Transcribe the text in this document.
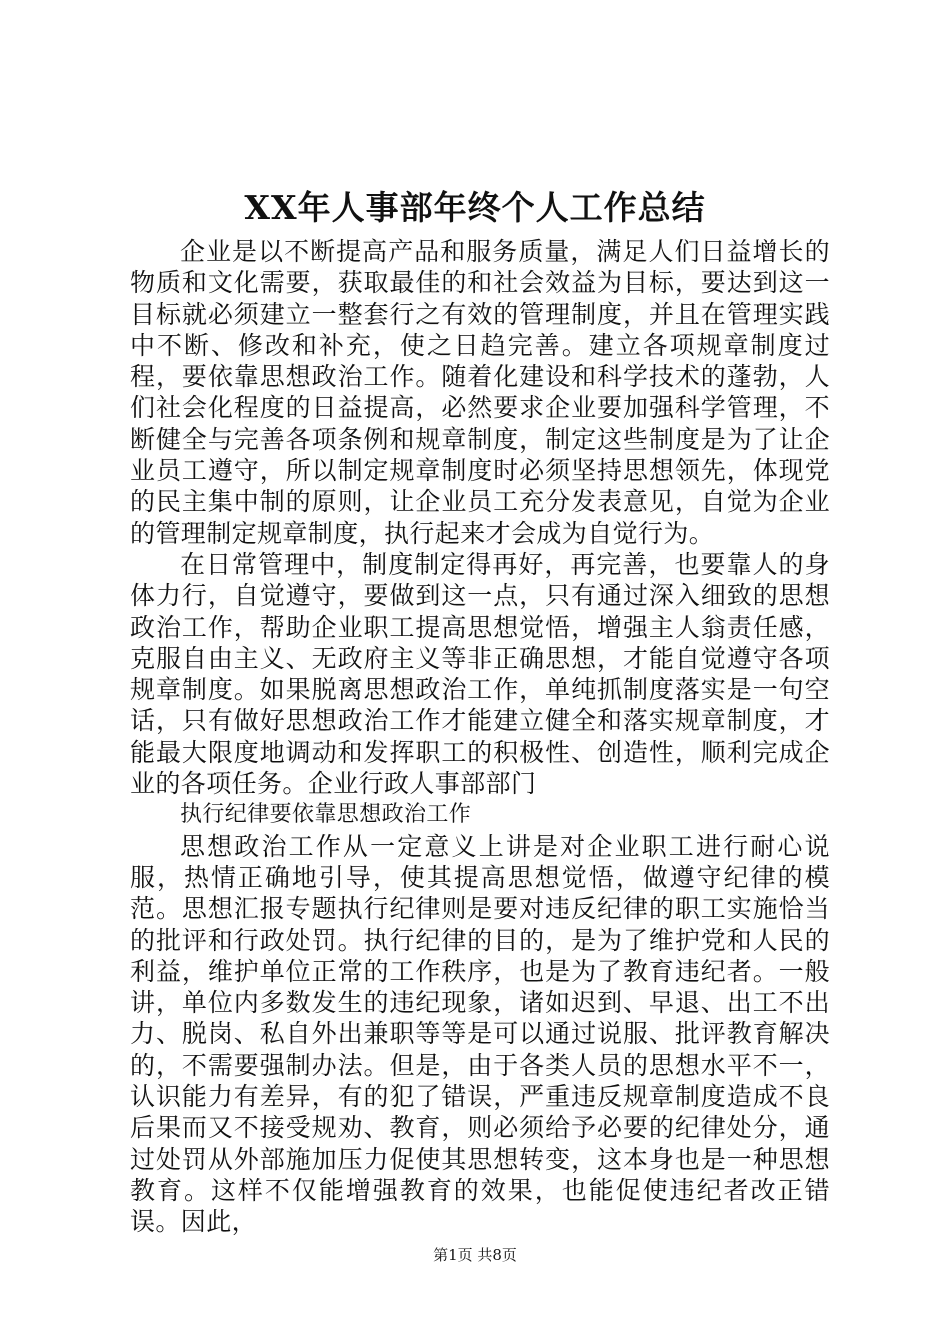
XX年人事部年终个人工作总结

企业是以不断提高产品和服务质量，满足人们日益增长的物质和文化需要，获取最佳的和社会效益为目标，要达到这一目标就必须建立一整套行之有效的管理制度，并且在管理实践中不断、修改和补充，使之日趋完善。建立各项规章制度过程，要依靠思想政治工作。随着化建设和科学技术的蓬勃，人们社会化程度的日益提高，必然要求企业要加强科学管理，不断健全与完善各项条例和规章制度，制定这些制度是为了让企业员工遵守，所以制定规章制度时必须坚持思想领先，体现党的民主集中制的原则，让企业员工充分发表意见，自觉为企业的管理制定规章制度，执行起来才会成为自觉行为。

在日常管理中，制度制定得再好，再完善，也要靠人的身体力行，自觉遵守，要做到这一点，只有通过深入细致的思想政治工作，帮助企业职工提高思想觉悟，增强主人翁责任感，克服自由主义、无政府主义等非正确思想，才能自觉遵守各项规章制度。如果脱离思想政治工作，单纯抓制度落实是一句空话，只有做好思想政治工作才能建立健全和落实规章制度，才能最大限度地调动和发挥职工的积极性、创造性，顺利完成企业的各项任务。企业行政人事部部门

执行纪律要依靠思想政治工作

思想政治工作从一定意义上讲是对企业职工进行耐心说服，热情正确地引导，使其提高思想觉悟，做遵守纪律的模范。思想汇报专题执行纪律则是要对违反纪律的职工实施恰当的批评和行政处罚。执行纪律的目的，是为了维护党和人民的利益，维护单位正常的工作秩序，也是为了教育违纪者。一般讲，单位内多数发生的违纪现象，诸如迟到、早退、出工不出力、脱岗、私自外出兼职等等是可以通过说服、批评教育解决的，不需要强制办法。但是，由于各类人员的思想水平不一，认识能力有差异，有的犯了错误，严重违反规章制度造成不良后果而又不接受规劝、教育，则必须给予必要的纪律处分，通过处罚从外部施加压力促使其思想转变，这本身也是一种思想教育。这样不仅能增强教育的效果，也能促使违纪者改正错误。因此，

第1页 共8页
